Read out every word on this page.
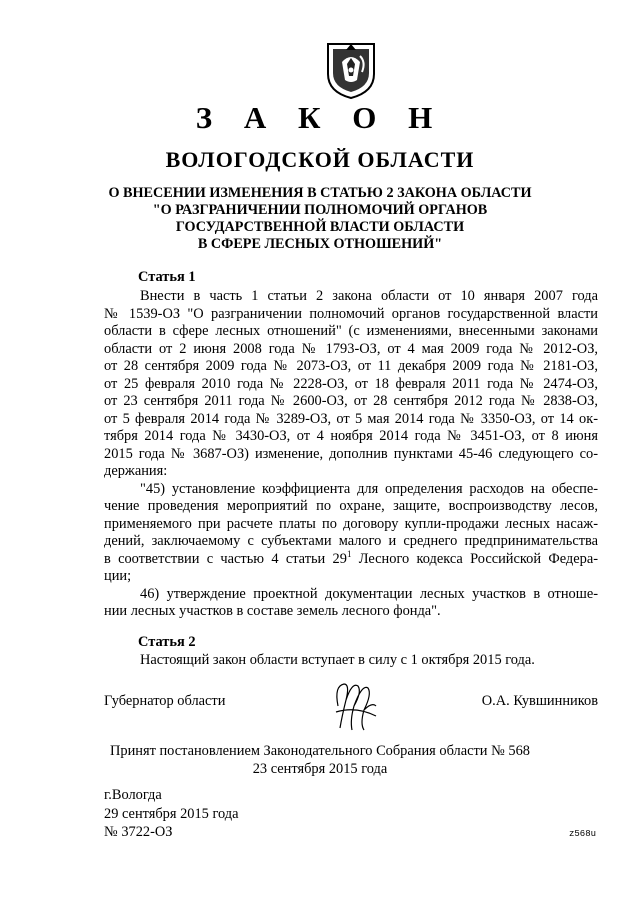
З А К О Н
ВОЛОГОДСКОЙ ОБЛАСТИ
О ВНЕСЕНИИ ИЗМЕНЕНИЯ В СТАТЬЮ 2 ЗАКОНА ОБЛАСТИ
"О РАЗГРАНИЧЕНИИ ПОЛНОМОЧИЙ ОРГАНОВ
ГОСУДАРСТВЕННОЙ ВЛАСТИ ОБЛАСТИ
В СФЕРЕ ЛЕСНЫХ ОТНОШЕНИЙ"
Статья 1
Внести в часть 1 статьи 2 закона области от 10 января 2007 года
№ 1539-ОЗ "О разграничении полномочий органов государственной власти
области в сфере лесных отношений" (с изменениями, внесенными законами
области от 2 июня 2008 года № 1793-ОЗ, от 4 мая 2009 года № 2012-ОЗ,
от 28 сентября 2009 года № 2073-ОЗ, от 11 декабря 2009 года № 2181-ОЗ,
от 25 февраля 2010 года № 2228-ОЗ, от 18 февраля 2011 года № 2474-ОЗ,
от 23 сентября 2011 года № 2600-ОЗ, от 28 сентября 2012 года № 2838-ОЗ,
от 5 февраля 2014 года № 3289-ОЗ, от 5 мая 2014 года № 3350-ОЗ, от 14 ок-
тября 2014 года № 3430-ОЗ, от 4 ноября 2014 года № 3451-ОЗ, от 8 июня
2015 года № 3687-ОЗ) изменение, дополнив пунктами 45-46 следующего со-
держания:
"45) установление коэффициента для определения расходов на обеспе-
чение проведения мероприятий по охране, защите, воспроизводству лесов,
применяемого при расчете платы по договору купли-продажи лесных насаж-
дений, заключаемому с субъектами малого и среднего предпринимательства
в соответствии с частью 4 статьи $29^1$ Лесного кодекса Российской Федера-
ции;
46) утверждение проектной документации лесных участков в отноше-
нии лесных участков в составе земель лесного фонда".
Статья 2
Настоящий закон области вступает в силу с 1 октября 2015 года.
Губернатор области	О.А. Кувшинников
Принят постановлением Законодательного Собрания области № 568
23 сентября 2015 года
г.Вологда
29 сентября 2015 года
№ 3722-ОЗ	z568u
